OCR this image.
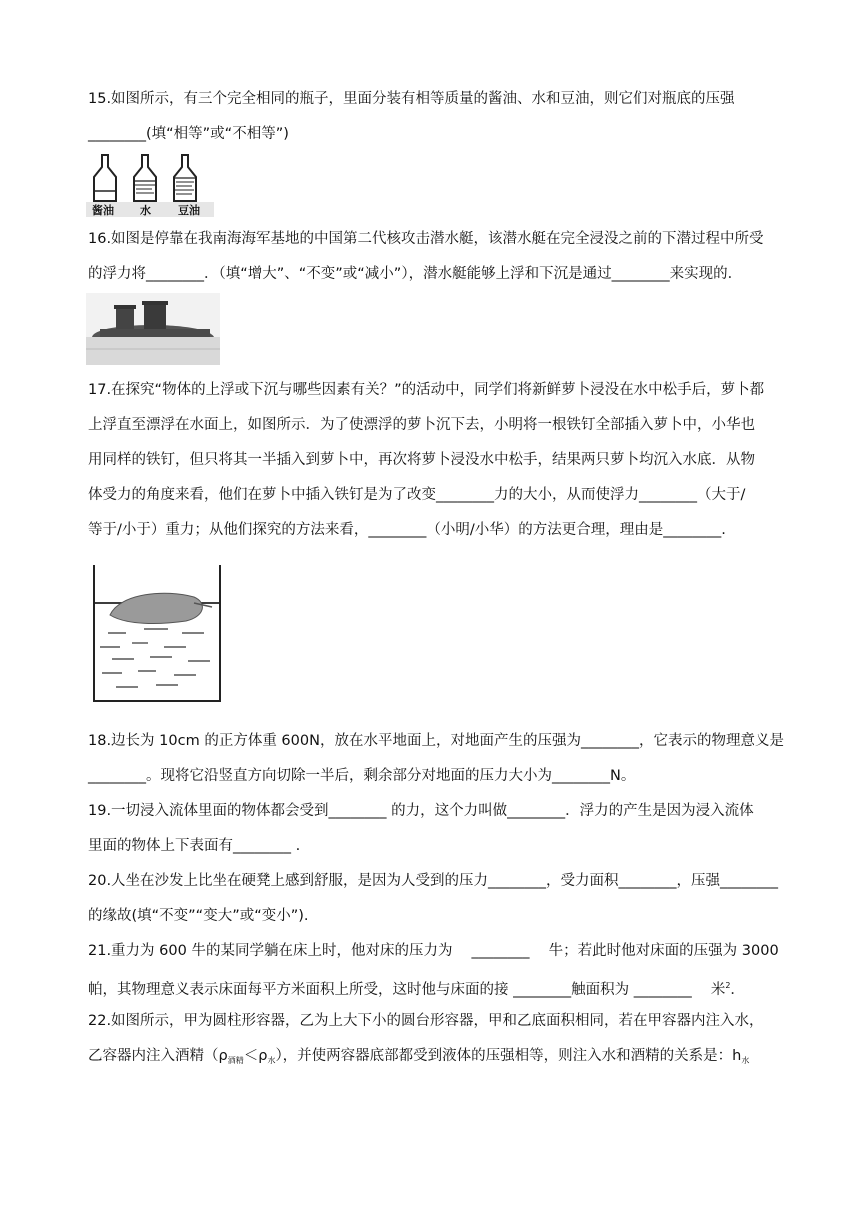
15.如图所示，有三个完全相同的瓶子，里面分装有相等质量的酱油、水和豆油，则它们对瓶底的压强
________(填“相等”或“不相等”)
酱油 水 豆油
16.如图是停靠在我南海海军基地的中国第二代核攻击潜水艇，该潜水艇在完全浸没之前的下潜过程中所受
的浮力将________．（填“增大”、“不变”或“减小”），潜水艇能够上浮和下沉是通过________来实现的．
17.在探究“物体的上浮或下沉与哪些因素有关？”的活动中，同学们将新鲜萝卜浸没在水中松手后，萝卜都
上浮直至漂浮在水面上，如图所示．为了使漂浮的萝卜沉下去，小明将一根铁钉全部插入萝卜中，小华也
用同样的铁钉，但只将其一半插入到萝卜中，再次将萝卜浸没水中松手，结果两只萝卜均沉入水底．从物
体受力的角度来看，他们在萝卜中插入铁钉是为了改变________力的大小，从而使浮力________（大于/
等于/小于）重力；从他们探究的方法来看，________（小明/小华）的方法更合理，理由是________.
18.边长为 10cm 的正方体重 600N，放在水平地面上，对地面产生的压强为________，它表示的物理意义是
________。现将它沿竖直方向切除一半后，剩余部分对地面的压力大小为________N。
19.一切浸入流体里面的物体都会受到________ 的力，这个力叫做________．浮力的产生是因为浸入流体
里面的物体上下表面有________ .
20.人坐在沙发上比坐在硬凳上感到舒服，是因为人受到的压力________，受力面积________，压强________
的缘故(填“不变”“变大”或“变小”).
21.重力为 600 牛的某同学躺在床上时，他对床的压力为　 ________　 牛；若此时他对床面的压强为 3000
帕，其物理意义表示床面每平方米面积上所受，这时他与床面的接 ________触面积为 ________　 米$^2$．
22.如图所示，甲为圆柱形容器，乙为上大下小的圆台形容器，甲和乙底面积相同，若在甲容器内注入水，
乙容器内注入酒精$(\rho_{酒精}<\rho_水)$，并使两容器底部都受到液体的压强相等，则注入水和酒精的关系是：$h_水$
